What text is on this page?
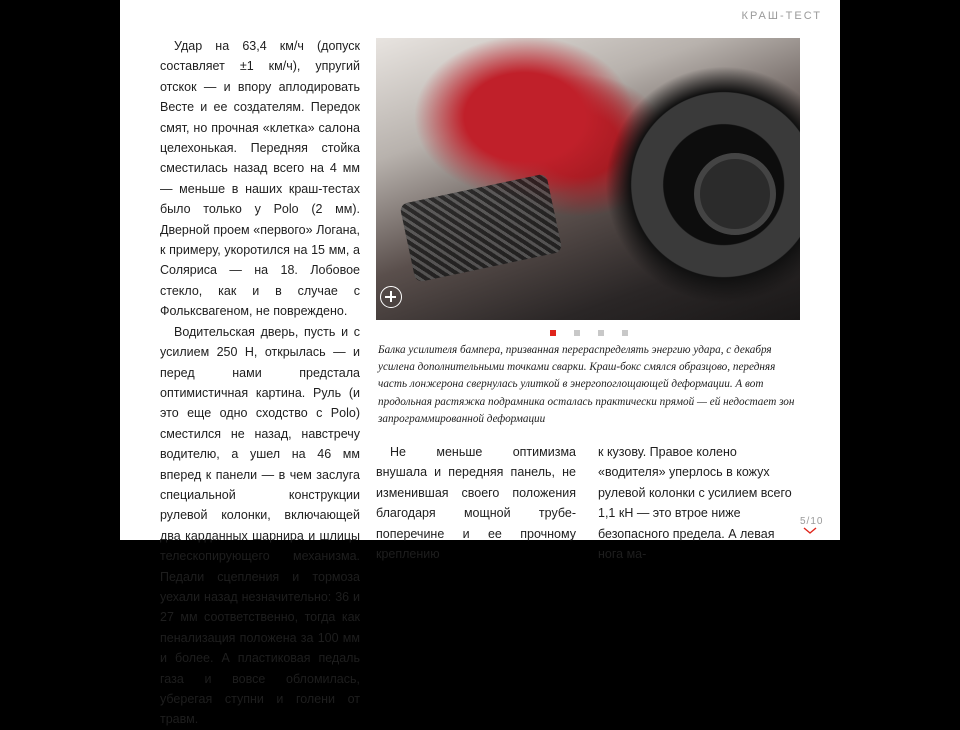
КРАШ-ТЕСТ

Удар на 63,4 км/ч (допуск составляет ±1 км/ч), упругий отскок — и впору аплодировать Весте и ее создателям. Передок смят, но прочная «клетка» салона целехонькая. Передняя стойка сместилась назад всего на 4 мм — меньше в наших краш-тестах было только у Polo (2 мм). Дверной проем «первого» Логана, к примеру, укоротился на 15 мм, а Соляриса — на 18. Лобовое стекло, как и в случае с Фольксвагеном, не повреждено.

Водительская дверь, пусть и с усилием 250 Н, открылась — и перед нами предстала оптимистичная картина. Руль (и это еще одно сходство с Polo) сместился не назад, навстречу водителю, а ушел на 46 мм вперед к панели — в чем заслуга специальной конструкции рулевой колонки, включающей два карданных шарнира и шлицы телескопирующего механизма. Педали сцепления и тормоза уехали назад незначительно: 36 и 27 мм соответственно, тогда как пенализация положена за 100 мм и более. А пластиковая педаль газа и вовсе обломилась, уберегая ступни и голени от травм.

Балка усилителя бампера, призванная перераспределять энергию удара, с декабря усилена дополнительными точками сварки. Краш-бокс смялся образцово, передняя часть лонжерона свернулась улиткой в энергопоглощающей деформации. А вот продольная растяжка подрамника осталась практически прямой — ей недостает зон запрограммированной деформации

Не меньше оптимизма внушала и передняя панель, не изменившая своего положения благодаря мощной трубе-поперечине и ее прочному креплению

к кузову. Правое колено «водителя» уперлось в кожух рулевой колонки с усилием всего 1,1 кН — это втрое ниже безопасного предела. А левая нога ма-

5/10
